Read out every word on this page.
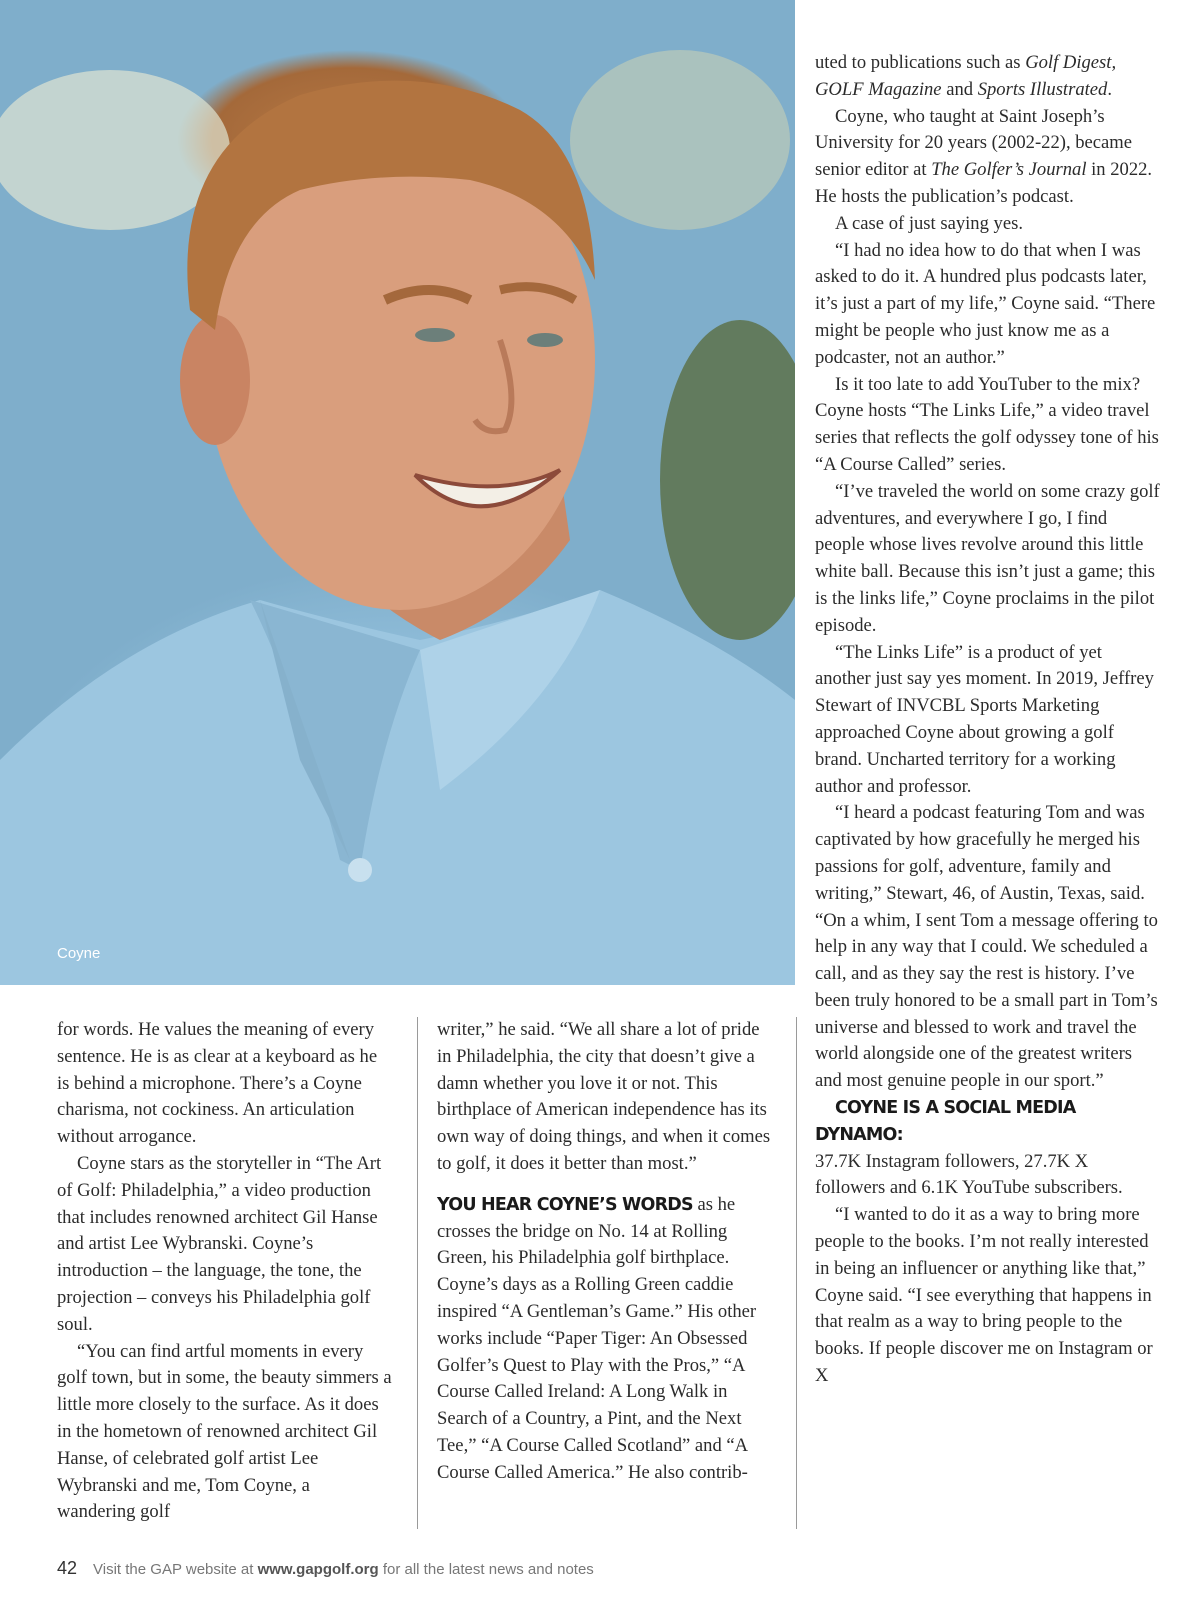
Coyne

for words. He values the meaning of every sentence. He is as clear at a keyboard as he is behind a microphone. There’s a Coyne charisma, not cockiness. An articulation without arrogance.

Coyne stars as the storyteller in “The Art of Golf: Philadelphia,” a video production that includes renowned architect Gil Hanse and artist Lee Wybranski. Coyne’s introduction – the language, the tone, the projection – conveys his Philadelphia golf soul.

“You can find artful moments in every golf town, but in some, the beauty simmers a little more closely to the surface. As it does in the hometown of renowned architect Gil Hanse, of celebrated golf artist Lee Wybranski and me, Tom Coyne, a wandering golf

writer,” he said. “We all share a lot of pride in Philadelphia, the city that doesn’t give a damn whether you love it or not. This birthplace of American independence has its own way of doing things, and when it comes to golf, it does it better than most.”

YOU HEAR COYNE’S WORDS as he crosses the bridge on No. 14 at Rolling Green, his Philadelphia golf birthplace. Coyne’s days as a Rolling Green caddie inspired “A Gentleman’s Game.” His other works include “Paper Tiger: An Obsessed Golfer’s Quest to Play with the Pros,” “A Course Called Ireland: A Long Walk in Search of a Country, a Pint, and the Next Tee,” “A Course Called Scotland” and “A Course Called America.” He also contrib-

uted to publications such as Golf Digest, GOLF Magazine and Sports Illustrated.

Coyne, who taught at Saint Joseph’s University for 20 years (2002-22), became senior editor at The Golfer’s Journal in 2022. He hosts the publication’s podcast.

A case of just saying yes.

“I had no idea how to do that when I was asked to do it. A hundred plus podcasts later, it’s just a part of my life,” Coyne said. “There might be people who just know me as a podcaster, not an author.”

Is it too late to add YouTuber to the mix? Coyne hosts “The Links Life,” a video travel series that reflects the golf odyssey tone of his “A Course Called” series.

“I’ve traveled the world on some crazy golf adventures, and everywhere I go, I find people whose lives revolve around this little white ball. Because this isn’t just a game; this is the links life,” Coyne proclaims in the pilot episode.

“The Links Life” is a product of yet another just say yes moment. In 2019, Jeffrey Stewart of INVCBL Sports Marketing approached Coyne about growing a golf brand. Uncharted territory for a working author and professor.

“I heard a podcast featuring Tom and was captivated by how gracefully he merged his passions for golf, adventure, family and writing,” Stewart, 46, of Austin, Texas, said. “On a whim, I sent Tom a message offering to help in any way that I could. We scheduled a call, and as they say the rest is history. I’ve been truly honored to be a small part in Tom’s universe and blessed to work and travel the world alongside one of the greatest writers and most genuine people in our sport.”

COYNE IS A SOCIAL MEDIA DYNAMO:

37.7K Instagram followers, 27.7K X followers and 6.1K YouTube subscribers.

“I wanted to do it as a way to bring more people to the books. I’m not really interested in being an influencer or anything like that,” Coyne said. “I see everything that happens in that realm as a way to bring people to the books. If people discover me on Instagram or X

42 Visit the GAP website at www.gapgolf.org for all the latest news and notes
